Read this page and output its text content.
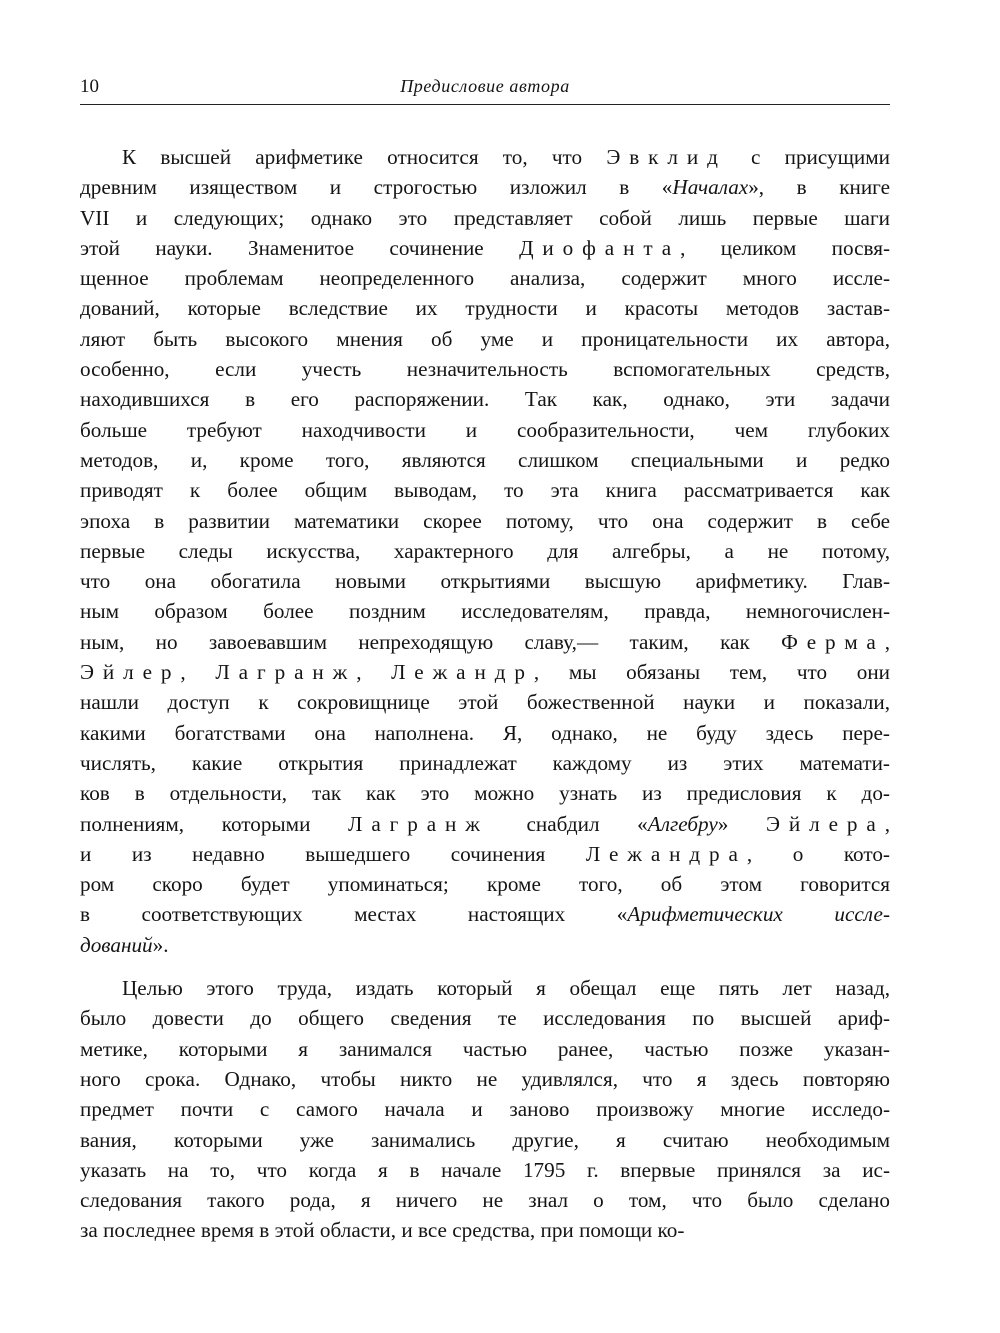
10	Предисловие автора
К высшей арифметике относится то, что Эвклид с присущими
древним изяществом и строгостью изложил в «Началах», в книге
VII и следующих; однако это представляет собой лишь первые шаги
этой науки. Знаменитое сочинение Диофанта, целиком посвя-
щенное проблемам неопределенного анализа, содержит много иссле-
дований, которые вследствие их трудности и красоты методов застав-
ляют быть высокого мнения об уме и проницательности их автора,
особенно, если учесть незначительность вспомогательных средств,
находившихся в его распоряжении. Так как, однако, эти задачи
больше требуют находчивости и сообразительности, чем глубоких
методов, и, кроме того, являются слишком специальными и редко
приводят к более общим выводам, то эта книга рассматривается как
эпоха в развитии математики скорее потому, что она содержит в себе
первые следы искусства, характерного для алгебры, а не потому,
что она обогатила новыми открытиями высшую арифметику. Глав-
ным образом более поздним исследователям, правда, немногочислен-
ным, но завоевавшим непреходящую славу,— таким, как Ферма,
Эйлер, Лагранж, Лежандр, мы обязаны тем, что они
нашли доступ к сокровищнице этой божественной науки и показали,
какими богатствами она наполнена. Я, однако, не буду здесь пере-
числять, какие открытия принадлежат каждому из этих математи-
ков в отдельности, так как это можно узнать из предисловия к до-
полнениям, которыми Лагранж снабдил «Алгебру» Эйлера,
и из недавно вышедшего сочинения Лежандра, о кото-
ром скоро будет упоминаться; кроме того, об этом говорится
в соответствующих местах настоящих «Арифметических иссле-
дований».
Целью этого труда, издать который я обещал еще пять лет назад,
было довести до общего сведения те исследования по высшей ариф-
метике, которыми я занимался частью ранее, частью позже указан-
ного срока. Однако, чтобы никто не удивлялся, что я здесь повторяю
предмет почти с самого начала и заново произвожу многие исследо-
вания, которыми уже занимались другие, я считаю необходимым
указать на то, что когда я в начале 1795 г. впервые принялся за ис-
следования такого рода, я ничего не знал о том, что было сделано
за последнее время в этой области, и все средства, при помощи ко-
